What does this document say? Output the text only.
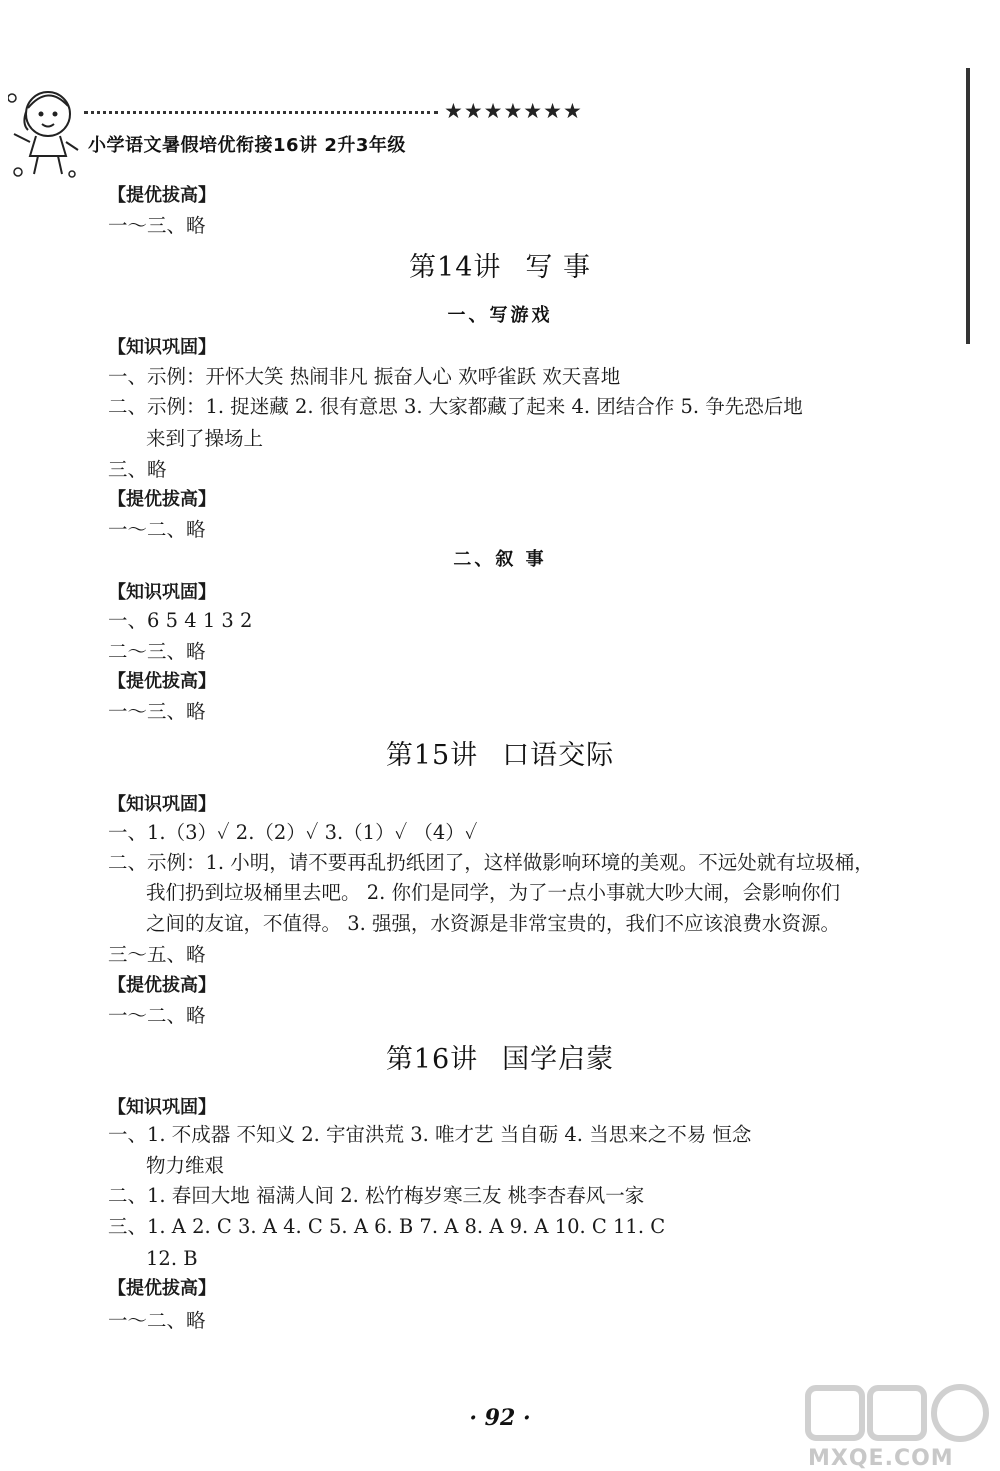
★★★★★★★
小学语文暑假培优衔接16讲 2升3年级
【提优拔高】
一～三、略
第14讲 写 事
一、写游戏
【知识巩固】
一、示例：开怀大笑 热闹非凡 振奋人心 欢呼雀跃 欢天喜地
二、示例：1. 捉迷藏 2. 很有意思 3. 大家都藏了起来 4. 团结合作 5. 争先恐后地
来到了操场上
三、略
【提优拔高】
一～二、略
二、叙 事
【知识巩固】
一、6 5 4 1 3 2
二～三、略
【提优拔高】
一～三、略
第15讲 口语交际
【知识巩固】
一、1.（3）✓ 2.（2）✓ 3.（1）✓ （4）✓
二、示例：1. 小明，请不要再乱扔纸团了，这样做影响环境的美观。不远处就有垃圾桶，
我们扔到垃圾桶里去吧。 2. 你们是同学，为了一点小事就大吵大闹，会影响你们
之间的友谊，不值得。 3. 强强，水资源是非常宝贵的，我们不应该浪费水资源。
三～五、略
【提优拔高】
一～二、略
第16讲 国学启蒙
【知识巩固】
一、1. 不成器 不知义 2. 宇宙洪荒 3. 唯才艺 当自砺 4. 当思来之不易 恒念
物力维艰
二、1. 春回大地 福满人间 2. 松竹梅岁寒三友 桃李杏春风一家
三、1. A 2. C 3. A 4. C 5. A 6. B 7. A 8. A 9. A 10. C 11. C
12. B
【提优拔高】
一～二、略
· 92 ·
MXQE.COM
